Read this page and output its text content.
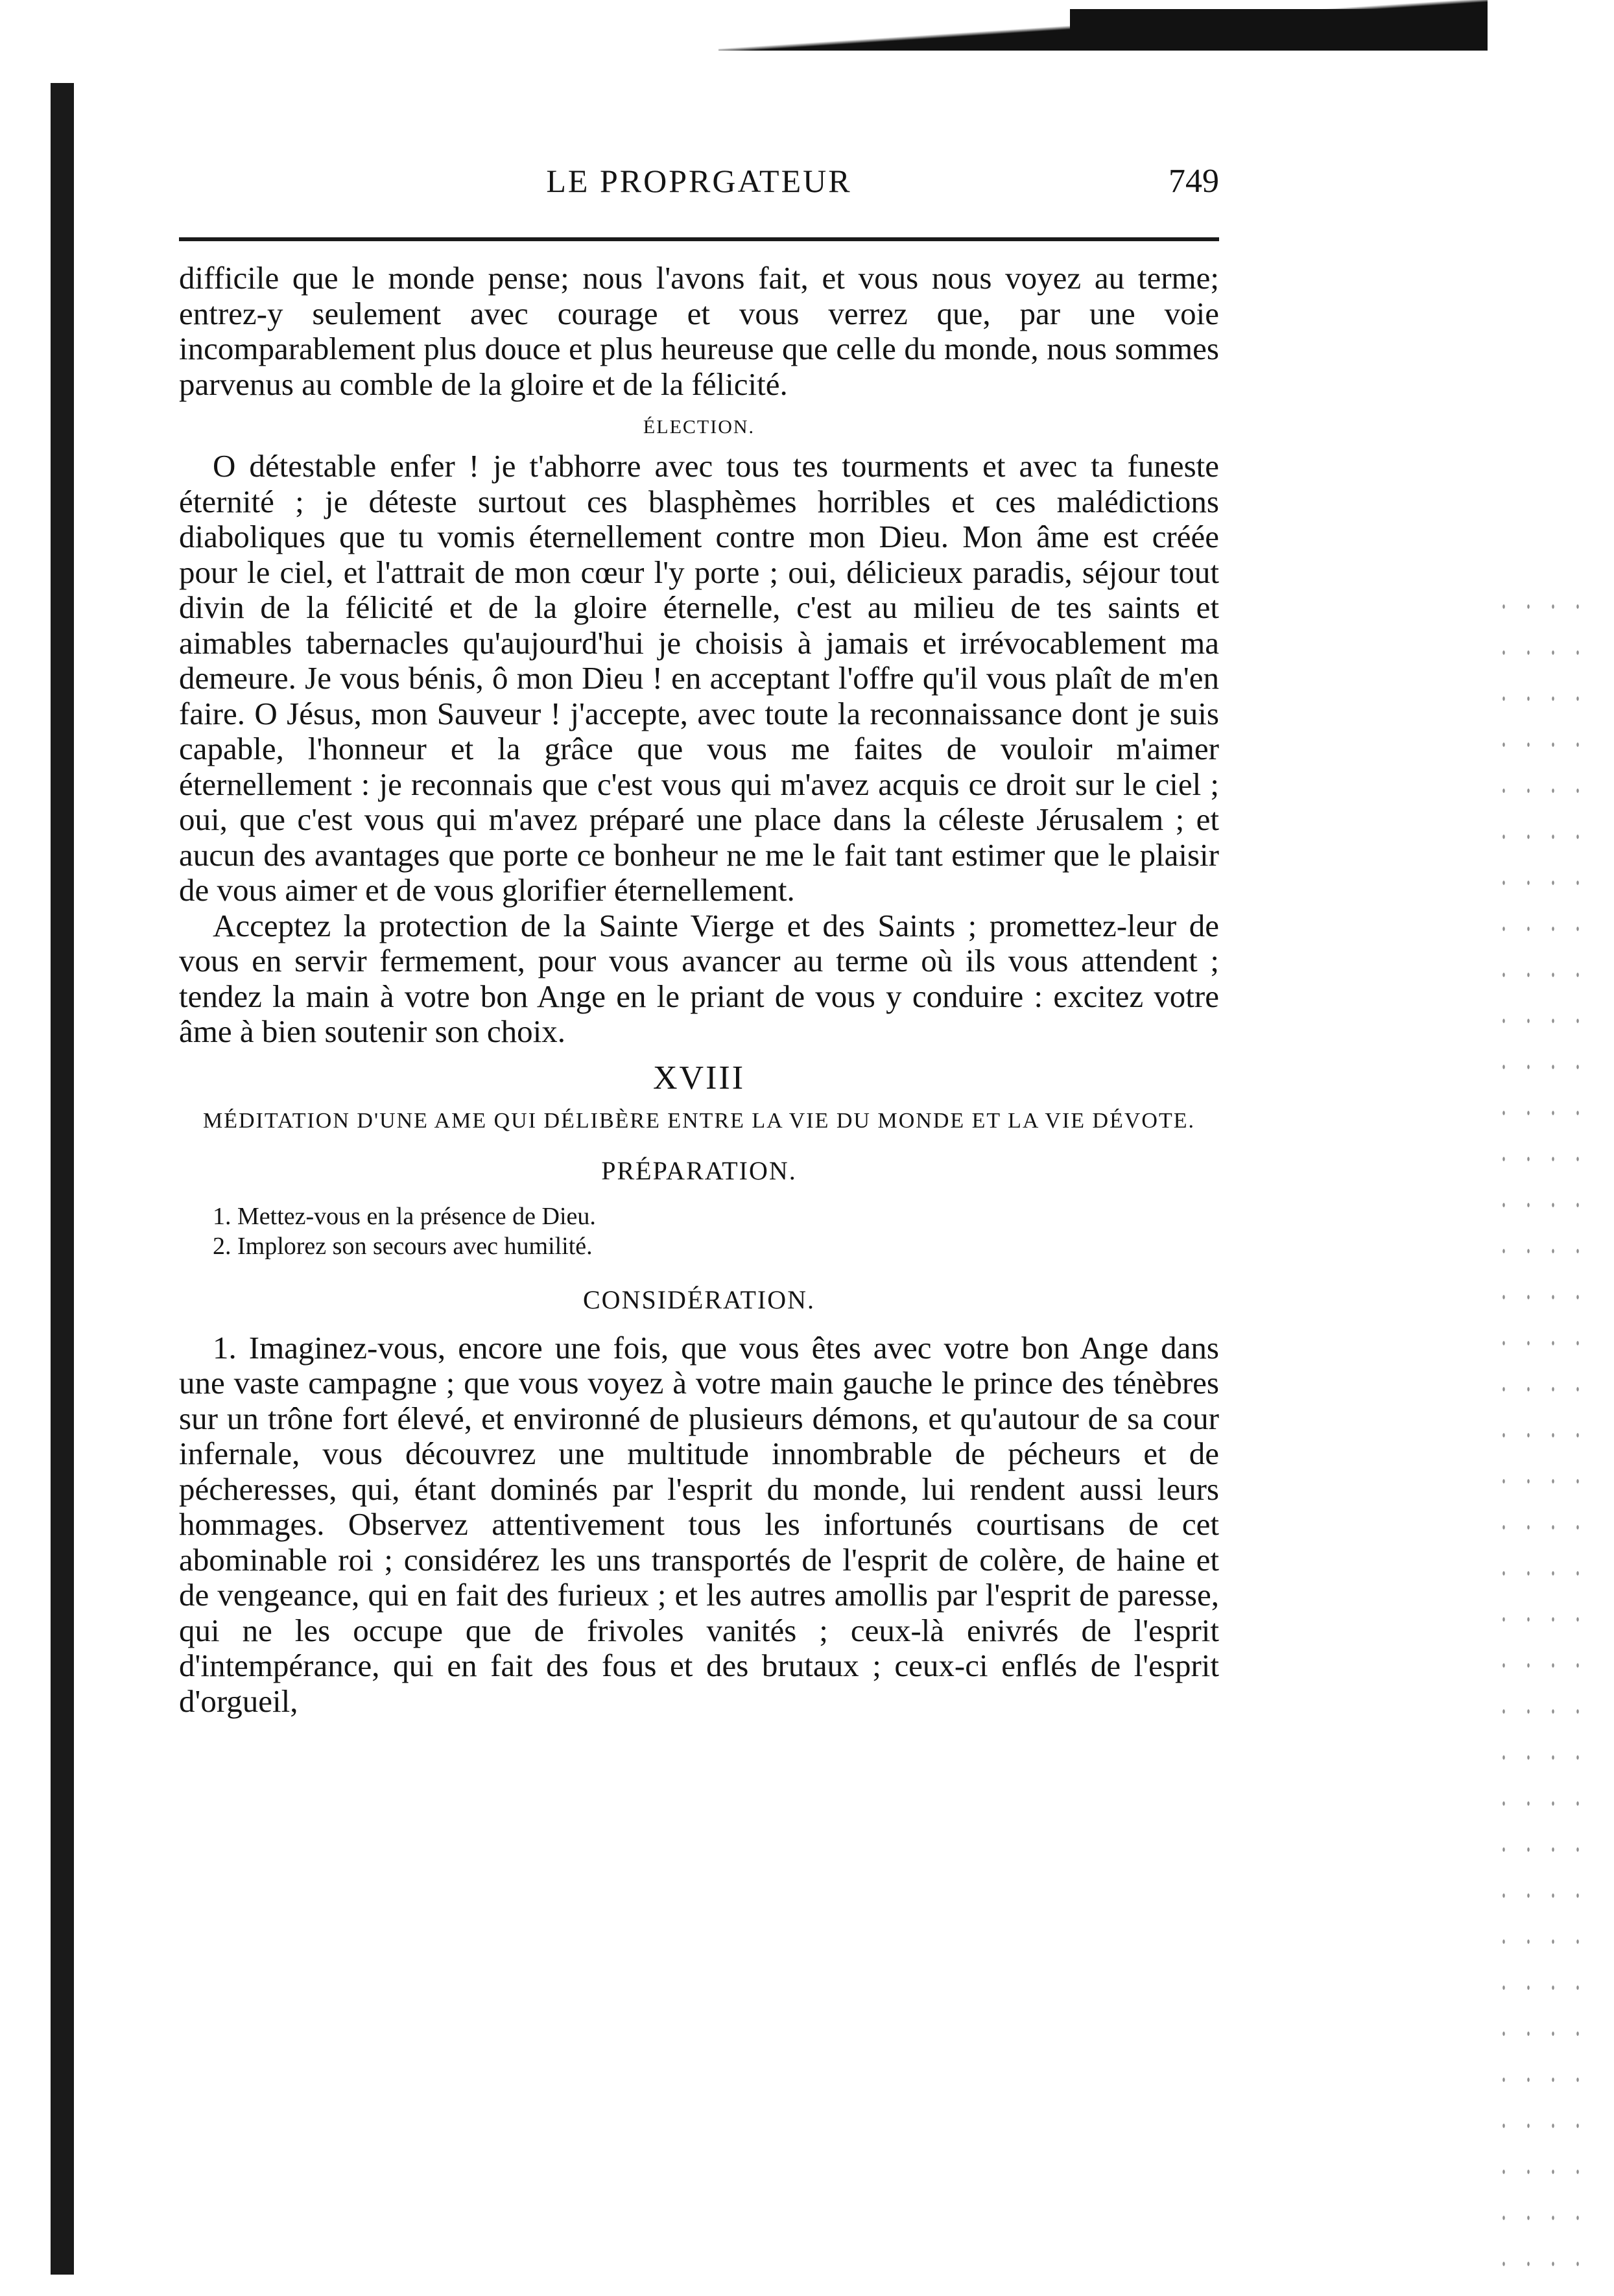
LE PROPRGATEUR	749

difficile que le monde pense; nous l'avons fait, et vous nous voyez au terme; entrez-y seulement avec courage et vous verrez que, par une voie incomparablement plus douce et plus heureuse que celle du monde, nous sommes parvenus au comble de la gloire et de la félicité.

ÉLECTION.

O détestable enfer ! je t'abhorre avec tous tes tourments et avec ta funeste éternité ; je déteste surtout ces blasphèmes horribles et ces malédictions diaboliques que tu vomis éternellement contre mon Dieu. Mon âme est créée pour le ciel, et l'attrait de mon cœur l'y porte ; oui, délicieux paradis, séjour tout divin de la félicité et de la gloire éternelle, c'est au milieu de tes saints et aimables tabernacles qu'aujourd'hui je choisis à jamais et irrévocablement ma demeure. Je vous bénis, ô mon Dieu ! en acceptant l'offre qu'il vous plaît de m'en faire. O Jésus, mon Sauveur ! j'accepte, avec toute la reconnaissance dont je suis capable, l'honneur et la grâce que vous me faites de vouloir m'aimer éternellement : je reconnais que c'est vous qui m'avez acquis ce droit sur le ciel ; oui, que c'est vous qui m'avez préparé une place dans la céleste Jérusalem ; et aucun des avantages que porte ce bonheur ne me le fait tant estimer que le plaisir de vous aimer et de vous glorifier éternellement.

Acceptez la protection de la Sainte Vierge et des Saints ; promettez-leur de vous en servir fermement, pour vous avancer au terme où ils vous attendent ; tendez la main à votre bon Ange en le priant de vous y conduire : excitez votre âme à bien soutenir son choix.

XVIII
MÉDITATION D'UNE AME QUI DÉLIBÈRE ENTRE LA VIE DU MONDE ET LA VIE DÉVOTE.
PRÉPARATION.
1. Mettez-vous en la présence de Dieu.
2. Implorez son secours avec humilité.
CONSIDÉRATION.

1. Imaginez-vous, encore une fois, que vous êtes avec votre bon Ange dans une vaste campagne ; que vous voyez à votre main gauche le prince des ténèbres sur un trône fort élevé, et environné de plusieurs démons, et qu'autour de sa cour infernale, vous découvrez une multitude innombrable de pécheurs et de pécheresses, qui, étant dominés par l'esprit du monde, lui rendent aussi leurs hommages. Observez attentivement tous les infortunés courtisans de cet abominable roi ; considérez les uns transportés de l'esprit de colère, de haine et de vengeance, qui en fait des furieux ; et les autres amollis par l'esprit de paresse, qui ne les occupe que de frivoles vanités ; ceux-là enivrés de l'esprit d'intempérance, qui en fait des fous et des brutaux ; ceux-ci enflés de l'esprit d'orgueil,
